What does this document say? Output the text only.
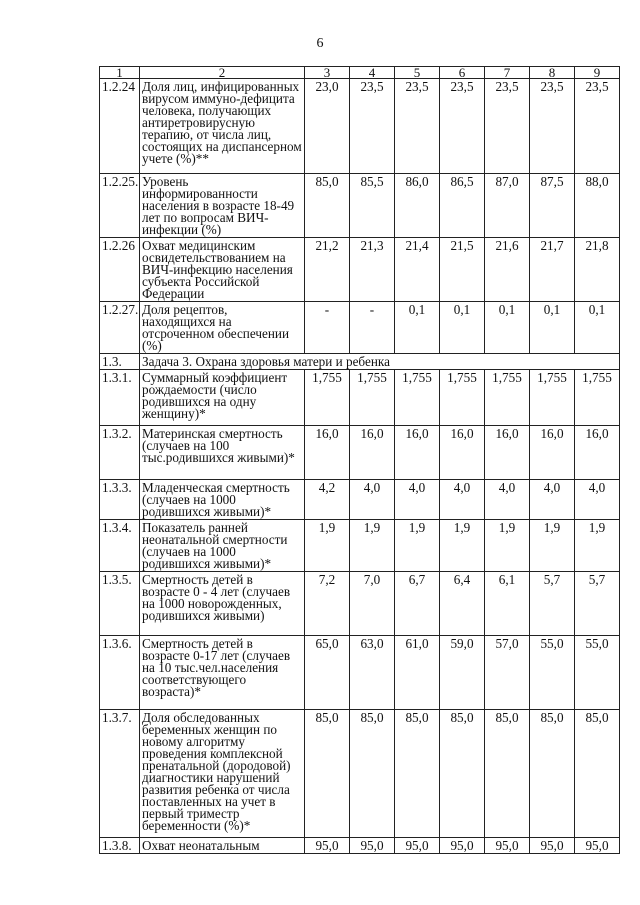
6
1	2	3	4	5	6	7	8	9
1.2.24	Доля лиц, инфицированных вирусом иммуно-дефицита человека, получающих антиретровирусную терапию, от числа лиц, состоящих на диспансерном учете (%)**	23,0	23,5	23,5	23,5	23,5	23,5	23,5
1.2.25.	Уровень информированности населения в возрасте 18-49 лет по вопросам ВИЧ-инфекции (%)	85,0	85,5	86,0	86,5	87,0	87,5	88,0
1.2.26	Охват медицинским освидетельствованием на ВИЧ-инфекцию населения субъекта Российской Федерации	21,2	21,3	21,4	21,5	21,6	21,7	21,8
1.2.27.	Доля рецептов, находящихся на отсроченном обеспечении (%)	-	-	0,1	0,1	0,1	0,1	0,1
1.3.	Задача 3. Охрана здоровья матери и ребенка							
1.3.1.	Суммарный коэффициент рождаемости (число родившихся на одну женщину)*	1,755	1,755	1,755	1,755	1,755	1,755	1,755
1.3.2.	Материнская смертность (случаев на 100 тыс.родившихся живыми)*	16,0	16,0	16,0	16,0	16,0	16,0	16,0
1.3.3.	Младенческая смертность (случаев на 1000 родившихся живыми)*	4,2	4,0	4,0	4,0	4,0	4,0	4,0
1.3.4.	Показатель ранней неонатальной смертности (случаев на 1000 родившихся живыми)*	1,9	1,9	1,9	1,9	1,9	1,9	1,9
1.3.5.	Смертность детей в возрасте 0 - 4 лет (случаев на 1000 новорожденных, родившихся живыми)	7,2	7,0	6,7	6,4	6,1	5,7	5,7
1.3.6.	Смертность детей в возрасте 0-17 лет (случаев на 10 тыс.чел.населения соответствующего возраста)*	65,0	63,0	61,0	59,0	57,0	55,0	55,0
1.3.7.	Доля обследованных беременных женщин по новому алгоритму проведения комплексной пренатальной (дородовой) диагностики нарушений развития ребенка от числа поставленных на учет в первый триместр беременности (%)*	85,0	85,0	85,0	85,0	85,0	85,0	85,0
1.3.8.	Охват неонатальным	95,0	95,0	95,0	95,0	95,0	95,0	95,0
